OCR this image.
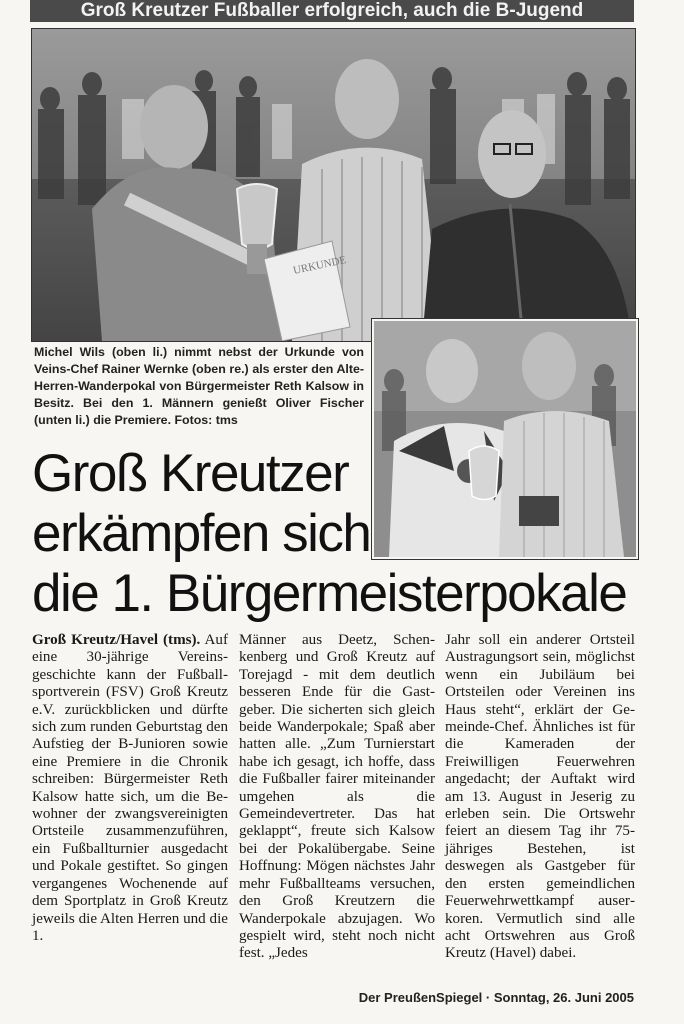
Groß Kreutzer Fußballer erfolgreich, auch die B-Jugend
URKUNDE
Michel Wils (oben li.) nimmt nebst der Urkunde von Veins-Chef Rainer Wernke (oben re.) als erster den Alte-Herren-Wanderpokal von Bürgermeister Reth Kalsow in Besitz. Bei den 1. Männern genießt Oliver Fischer (unten li.) die Premiere. Fotos: tms
Groß Kreutzer
erkämpfen sich
die 1. Bürgermeisterpokale

Groß Kreutz/Havel (tms). Auf eine 30-jährige Vereinsgeschichte kann der Fußballsportverein (FSV) Groß Kreutz e.V. zurückblicken und dürfte sich zum runden Geburtstag den Aufstieg der B-Junioren sowie eine Premiere in die Chronik schreiben: Bürgermeister Reth Kalsow hatte sich, um die Bewohner der zwangsvereinigten Ortsteile zusammenzuführen, ein Fußballturnier ausgedacht und Pokale gestiftet. So gingen vergangenes Wochenende auf dem Sportplatz in Groß Kreutz jeweils die Alten Herren und die 1.

Männer aus Deetz, Schenkenberg und Groß Kreutz auf Torejagd - mit dem deutlich besseren Ende für die Gastgeber. Die sicherten sich gleich beide Wanderpokale; Spaß aber hatten alle. „Zum Turnierstart habe ich gesagt, ich hoffe, dass die Fußballer fairer miteinander umgehen als die Gemeindevertreter. Das hat geklappt“, freute sich Kalsow bei der Pokalübergabe. Seine Hoffnung: Mögen nächstes Jahr mehr Fußballteams versuchen, den Groß Kreutzern die Wanderpokale abzujagen. Wo gespielt wird, steht noch nicht fest. „Jedes

Jahr soll ein anderer Ortsteil Austragungsort sein, möglichst wenn ein Jubiläum bei Ortsteilen oder Vereinen ins Haus steht“, erklärt der Gemeinde-Chef. Ähnliches ist für die Kameraden der Freiwilligen Feuerwehren angedacht; der Auftakt wird am 13. August in Jeserig zu erleben sein. Die Ortswehr feiert an diesem Tag ihr 75-jähriges Bestehen, ist deswegen als Gastgeber für den ersten gemeindlichen Feuerwehrwettkampf auserkoren. Vermutlich sind alle acht Ortswehren aus Groß Kreutz (Havel) dabei.

Der PreußenSpiegel · Sonntag, 26. Juni 2005
